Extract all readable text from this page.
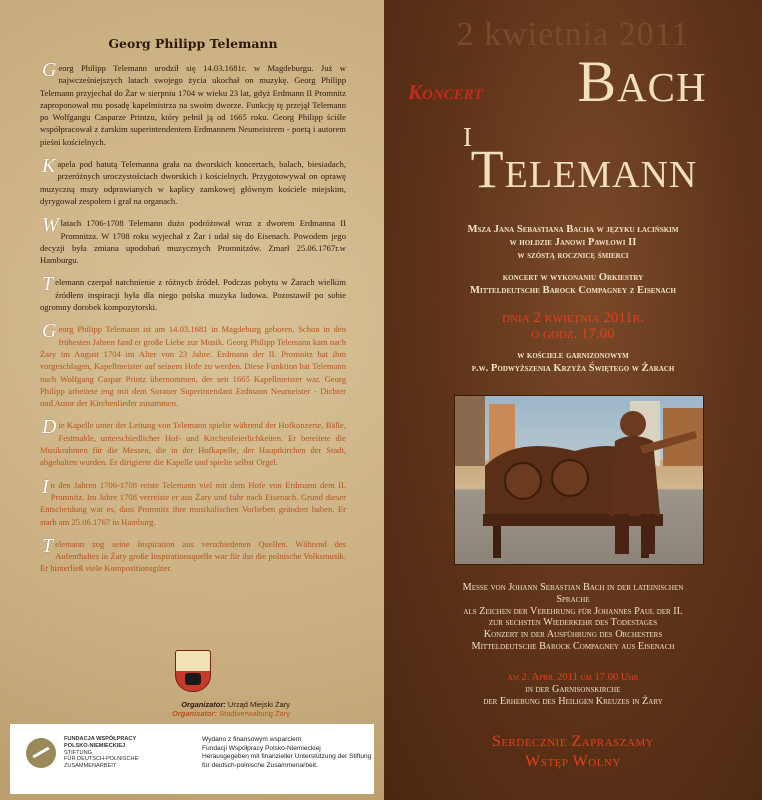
Georg Philipp Telemann

Georg Philipp Telemann urodził się 14.03.1681r. w Magdeburgu. Już w najwcześniejszych latach swojego życia ukochał on muzykę. Georg Philipp Telemann przyjechał do Żar w sierpniu 1704 w wieku 23 lat, gdyż Erdmann II Promnitz zaproponował mu posadę kapelmistrza na swoim dworze. Funkcję tę przejął Telemann po Wolfgangu Casparze Printzu, który pełnił ją od 1665 roku. Georg Philipp ściśle współpracował z żarskim superintendentem Erdmannem Neumeistrem - poetą i autorem pieśni kościelnych.

Kapela pod batutą Telemanna grała na dworskich koncertach, balach, biesiadach, przeróżnych uroczystościach dworskich i kościelnych. Przygotowywał on oprawę muzyczną mszy odprawianych w kaplicy zamkowej głównym kościele miejskim, dyrygował zespołem i grał na organach.

W latach 1706-1708 Telemann dużo podróżował wraz z dworem Erdmanna II Promnitza. W 1708 roku wyjechał z Żar i udał się do Eisenach. Powodem jego decyzji była zmiana upodobań muzycznych Promnitzów. Zmarł 25.06.1767r.w Hamburgu.

Telemann czerpał natchnienie z różnych źródeł. Podczas pobytu w Żarach wielkim źródłem inspiracji była dla niego polska muzyka ludowa. Pozostawił po sobie ogromny dorobek kompozytorski.

Georg Philipp Telemann ist am 14.03.1681 in Magdeburg geboren. Schon in den frühesten Jahren fand er große Liebe zur Musik. Georg Philipp Telemann kam nach Żary im August 1704 im Alter von 23 Jahre. Erdmann der II. Promnitz hat ihm vorgeschlagen, Kapellmeister auf seinem Hofe zu werden. Diese Funktion hat Telemann nach Wolfgang Caspar Printz übernommen, der seit 1665 Kapellmeister war. Georg Philipp arbeitete eng mit dem Sorauer Superintendant Erdmann Neumeister - Dichter und Autor der Kirchenlieder zusammen.

Die Kapelle unter der Leitung von Telemann spielte während der Hofkonzerte, Bälle, Festmahle, unterschiedlicher Hof- und Kirchenfeierlichkeiten. Er bereitete die Musikrahmen für die Messen, die in der Hofkapelle, der Hauptkirchen der Stadt, abgehalten wurden. Er dirigierte die Kapelle und spielte selbst Orgel.

In den Jahren 1706-1708 reiste Telemann viel mit dem Hofe von Erdmann dem II. Promnitz. Im Jahre 1708 verreiste er aus Żary und fuhr nach Eisenach. Grund dieser Entscheidung war es, dass Promnitz ihre musikalischen Vorlieben geändert haben. Er starb am 25.06.1767 in Hamburg.

Telemann zog seine Inspiration aus verschiedenen Quellen. Während des Aufenthaltes in Żary große Inspirationsquelle war für ihn die polnische Volksmusik. Er hinterließ viele Kompositionsgüter.

Organizator: Urząd Miejski Żary
Organisator: Stadtverwaltung Żary
FUNDACJA WSPÓŁPRACY
POLSKO-NIEMIECKIEJ
STIFTUNG
FÜR DEUTSCH-POLNISCHE
ZUSAMMENARBEIT
Wydano z finansowym wsparciem
Fundacji Współpracy Polsko-Niemieckiej
Herausgegeben mit finanzieller Unterstützung der Stiftung
für deutsch-polnische Zusammenarbeit.
2 kwietnia 2011
Koncert	Bach
i
Telemann
Msza Jana Sebastiana Bacha w języku łacińskim
w hołdzie Janowi Pawłowi II
w szóstą rocznicę śmierci
koncert w wykonaniu Orkiestry
Mitteldeutsche Barock Compagney z Eisenach
dnia 2 kwietnia 2011r.
o godz. 17.00
w kościele garnizonowym
p.w. Podwyższenia Krzyża Świętego w Żarach
Messe von Johann Sebastian Bach in der lateinischen
Sprache
als Zeichen der Verehrung für Johannes Paul der II.
zur sechsten Wiederkehr des Todestages
Konzert in der Ausführung des Orchesters
Mitteldeutsche Barock Compagney aus Eisenach
am 2. April 2011 um 17.00 Uhr
in der Garnisonskirche
der Erhebung des Heiligen Kreuzes in Żary
Serdecznie Zapraszamy
Wstęp Wolny
